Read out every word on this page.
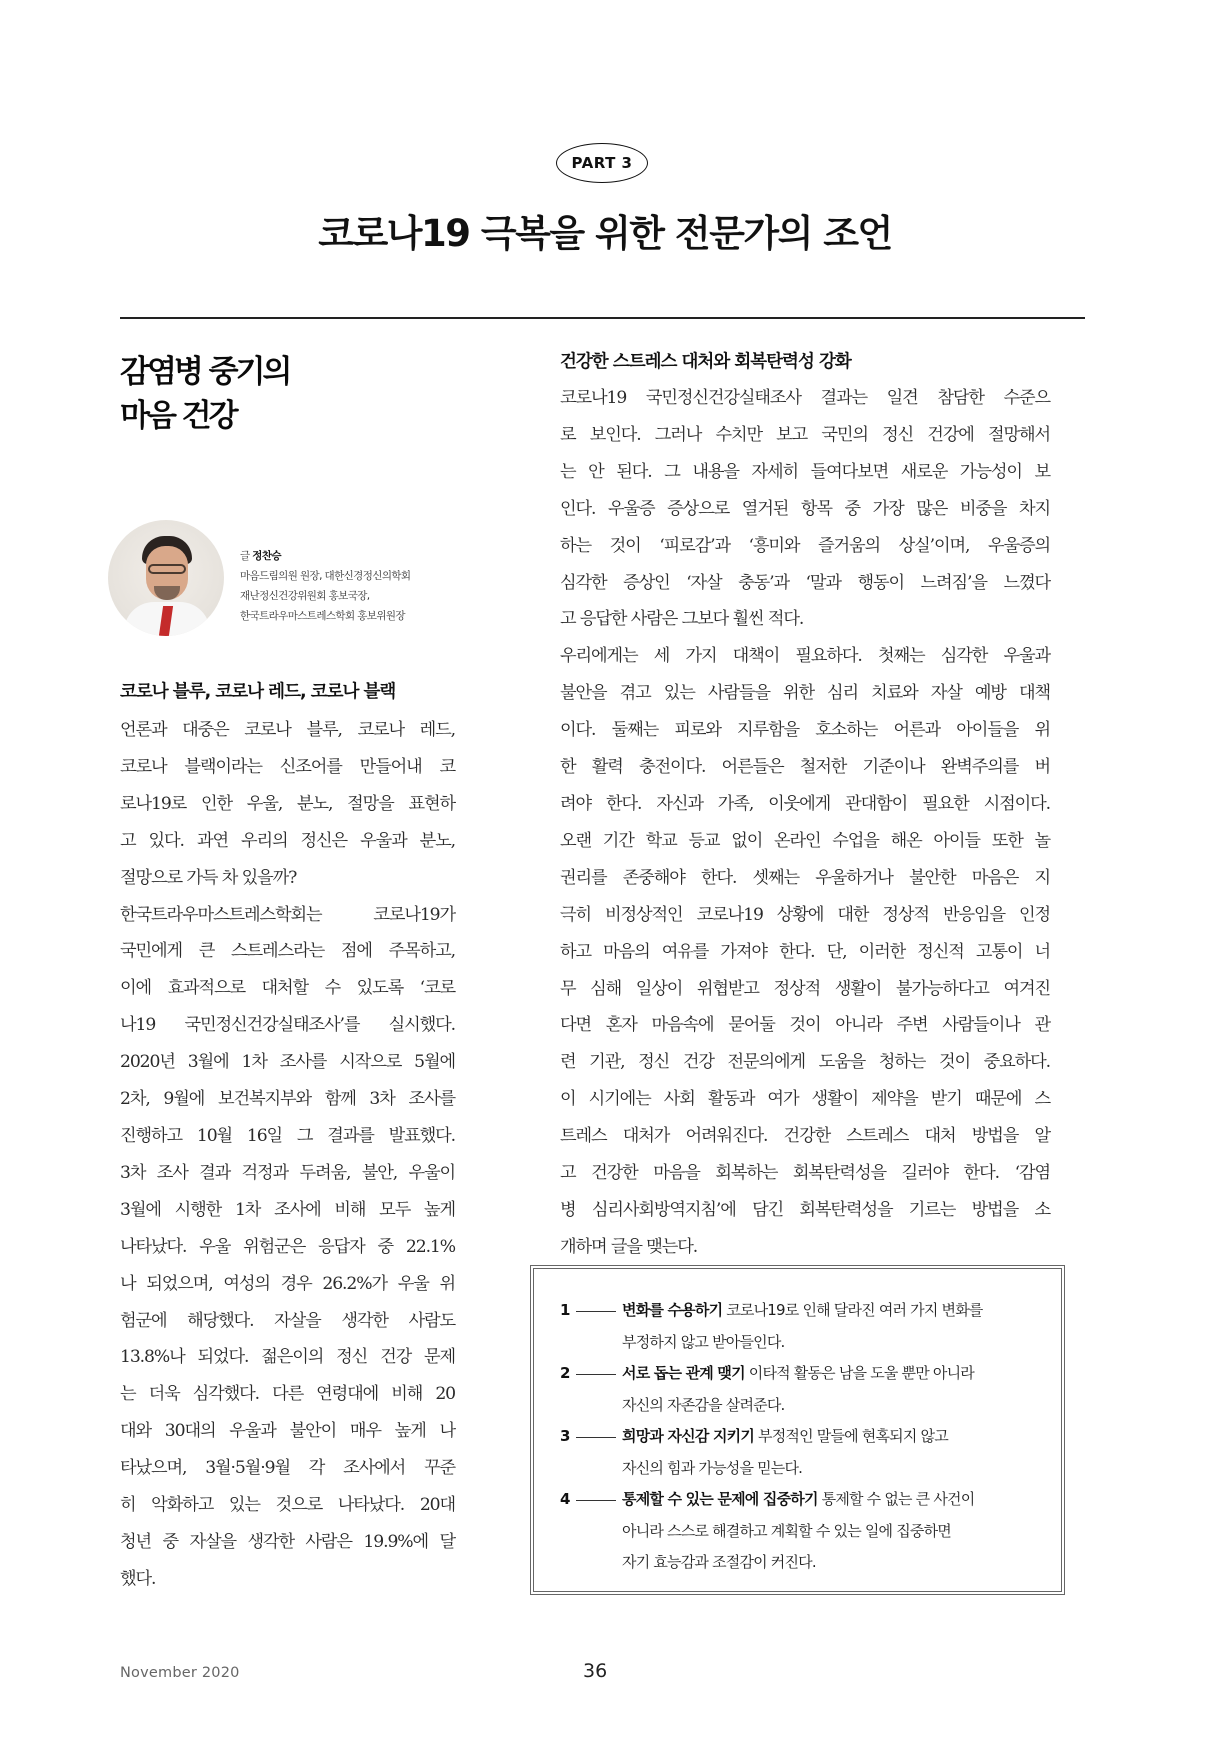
PART 3
코로나19 극복을 위한 전문가의 조언
감염병 중기의
마음 건강
글 정찬승
마음드림의원 원장, 대한신경정신의학회
재난정신건강위원회 홍보국장,
한국트라우마스트레스학회 홍보위원장
코로나 블루, 코로나 레드, 코로나 블랙
언론과 대중은 코로나 블루, 코로나 레드,
코로나 블랙이라는 신조어를 만들어내 코
로나19로 인한 우울, 분노, 절망을 표현하
고 있다. 과연 우리의 정신은 우울과 분노,
절망으로 가득 차 있을까?
한국트라우마스트레스학회는 코로나19가
국민에게 큰 스트레스라는 점에 주목하고,
이에 효과적으로 대처할 수 있도록 ‘코로
나19 국민정신건강실태조사’를 실시했다.
2020년 3월에 1차 조사를 시작으로 5월에
2차, 9월에 보건복지부와 함께 3차 조사를
진행하고 10월 16일 그 결과를 발표했다.
3차 조사 결과 걱정과 두려움, 불안, 우울이
3월에 시행한 1차 조사에 비해 모두 높게
나타났다. 우울 위험군은 응답자 중 22.1%
나 되었으며, 여성의 경우 26.2%가 우울 위
험군에 해당했다. 자살을 생각한 사람도
13.8%나 되었다. 젊은이의 정신 건강 문제
는 더욱 심각했다. 다른 연령대에 비해 20
대와 30대의 우울과 불안이 매우 높게 나
타났으며, 3월·5월·9월 각 조사에서 꾸준
히 악화하고 있는 것으로 나타났다. 20대
청년 중 자살을 생각한 사람은 19.9%에 달
했다.
건강한 스트레스 대처와 회복탄력성 강화
코로나19 국민정신건강실태조사 결과는 일견 참담한 수준으
로 보인다. 그러나 수치만 보고 국민의 정신 건강에 절망해서
는 안 된다. 그 내용을 자세히 들여다보면 새로운 가능성이 보
인다. 우울증 증상으로 열거된 항목 중 가장 많은 비중을 차지
하는 것이 ‘피로감’과 ‘흥미와 즐거움의 상실’이며, 우울증의
심각한 증상인 ‘자살 충동’과 ‘말과 행동이 느려짐’을 느꼈다
고 응답한 사람은 그보다 훨씬 적다.
우리에게는 세 가지 대책이 필요하다. 첫째는 심각한 우울과
불안을 겪고 있는 사람들을 위한 심리 치료와 자살 예방 대책
이다. 둘째는 피로와 지루함을 호소하는 어른과 아이들을 위
한 활력 충전이다. 어른들은 철저한 기준이나 완벽주의를 버
려야 한다. 자신과 가족, 이웃에게 관대함이 필요한 시점이다.
오랜 기간 학교 등교 없이 온라인 수업을 해온 아이들 또한 놀
권리를 존중해야 한다. 셋째는 우울하거나 불안한 마음은 지
극히 비정상적인 코로나19 상황에 대한 정상적 반응임을 인정
하고 마음의 여유를 가져야 한다. 단, 이러한 정신적 고통이 너
무 심해 일상이 위협받고 정상적 생활이 불가능하다고 여겨진
다면 혼자 마음속에 묻어둘 것이 아니라 주변 사람들이나 관
련 기관, 정신 건강 전문의에게 도움을 청하는 것이 중요하다.
이 시기에는 사회 활동과 여가 생활이 제약을 받기 때문에 스
트레스 대처가 어려워진다. 건강한 스트레스 대처 방법을 알
고 건강한 마음을 회복하는 회복탄력성을 길러야 한다. ‘감염
병 심리사회방역지침’에 담긴 회복탄력성을 기르는 방법을 소
개하며 글을 맺는다.
1	변화를 수용하기 코로나19로 인해 달라진 여러 가지 변화를
부정하지 않고 받아들인다.
2	서로 돕는 관계 맺기 이타적 활동은 남을 도울 뿐만 아니라
자신의 자존감을 살려준다.
3	희망과 자신감 지키기 부정적인 말들에 현혹되지 않고
자신의 힘과 가능성을 믿는다.
4	통제할 수 있는 문제에 집중하기 통제할 수 없는 큰 사건이
아니라 스스로 해결하고 계획할 수 있는 일에 집중하면
자기 효능감과 조절감이 커진다.
November 2020	36
